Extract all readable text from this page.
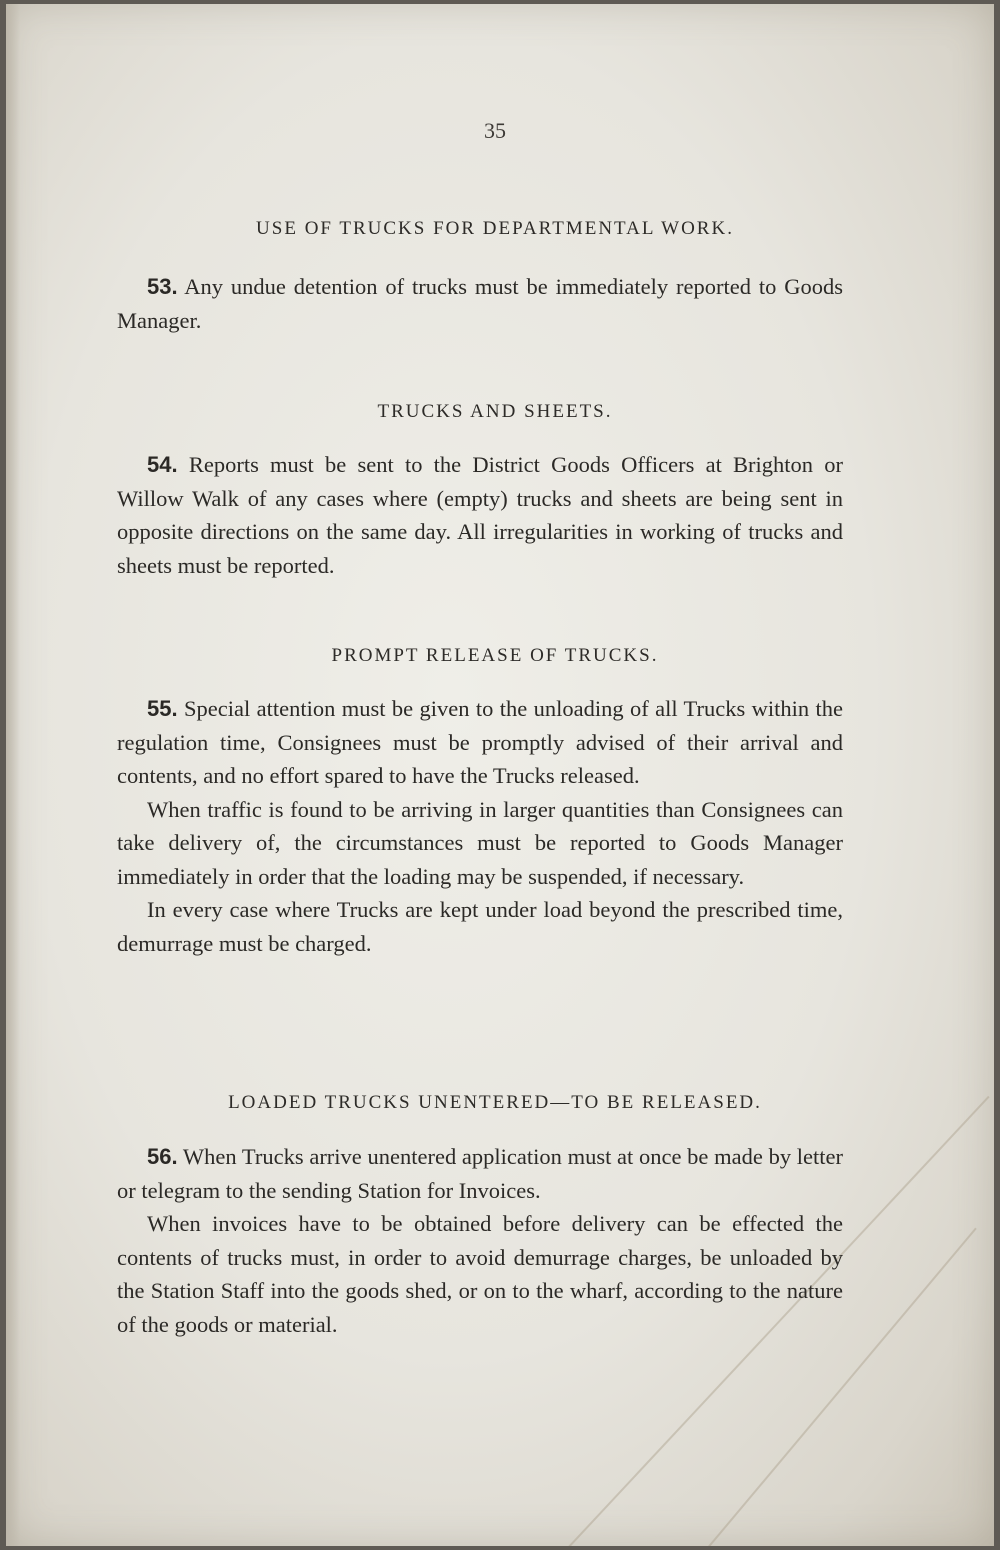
35
USE OF TRUCKS FOR DEPARTMENTAL WORK.
53. Any undue detention of trucks must be immediately reported to Goods Manager.
TRUCKS AND SHEETS.
54. Reports must be sent to the District Goods Officers at Brighton or Willow Walk of any cases where (empty) trucks and sheets are being sent in opposite directions on the same day. All irregularities in working of trucks and sheets must be reported.
PROMPT RELEASE OF TRUCKS.
55. Special attention must be given to the unloading of all Trucks within the regulation time, Consignees must be promptly advised of their arrival and contents, and no effort spared to have the Trucks released.
When traffic is found to be arriving in larger quantities than Consignees can take delivery of, the circumstances must be reported to Goods Manager immediately in order that the loading may be suspended, if necessary.
In every case where Trucks are kept under load beyond the prescribed time, demurrage must be charged.
LOADED TRUCKS UNENTERED—TO BE RELEASED.
56. When Trucks arrive unentered application must at once be made by letter or telegram to the sending Station for Invoices.
When invoices have to be obtained before delivery can be effected the contents of trucks must, in order to avoid demurrage charges, be unloaded by the Station Staff into the goods shed, or on to the wharf, according to the nature of the goods or material.
